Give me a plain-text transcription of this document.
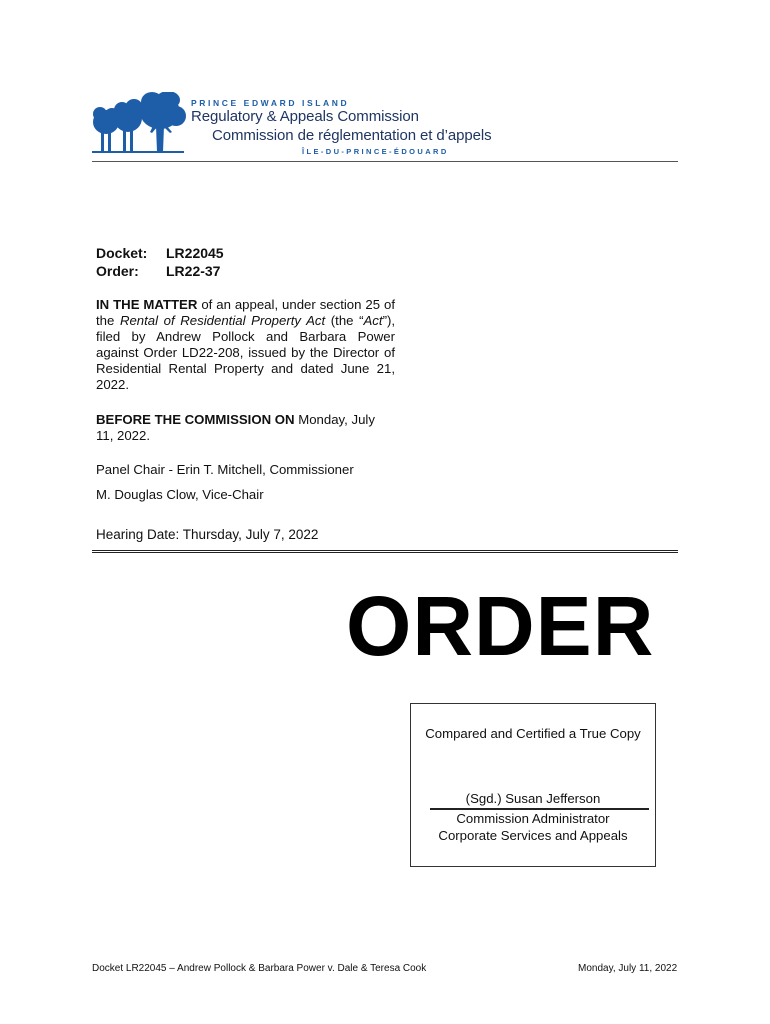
PRINCE EDWARD ISLAND
Regulatory & Appeals Commission
Commission de réglementation et d’appels
ÎLE-DU-PRINCE-ÉDOUARD
Docket: LR22045
Order: LR22-37
IN THE MATTER of an appeal, under section 25 of the Rental of Residential Property Act (the “Act”), filed by Andrew Pollock and Barbara Power against Order LD22-208, issued by the Director of Residential Rental Property and dated June 21, 2022.
BEFORE THE COMMISSION ON Monday, July 11, 2022.
Panel Chair - Erin T. Mitchell, Commissioner
M. Douglas Clow, Vice-Chair
Hearing Date: Thursday, July 7, 2022
ORDER
Compared and Certified a True Copy
(Sgd.) Susan Jefferson
Commission Administrator
Corporate Services and Appeals
Docket LR22045 – Andrew Pollock & Barbara Power v. Dale & Teresa Cook	Monday, July 11, 2022
